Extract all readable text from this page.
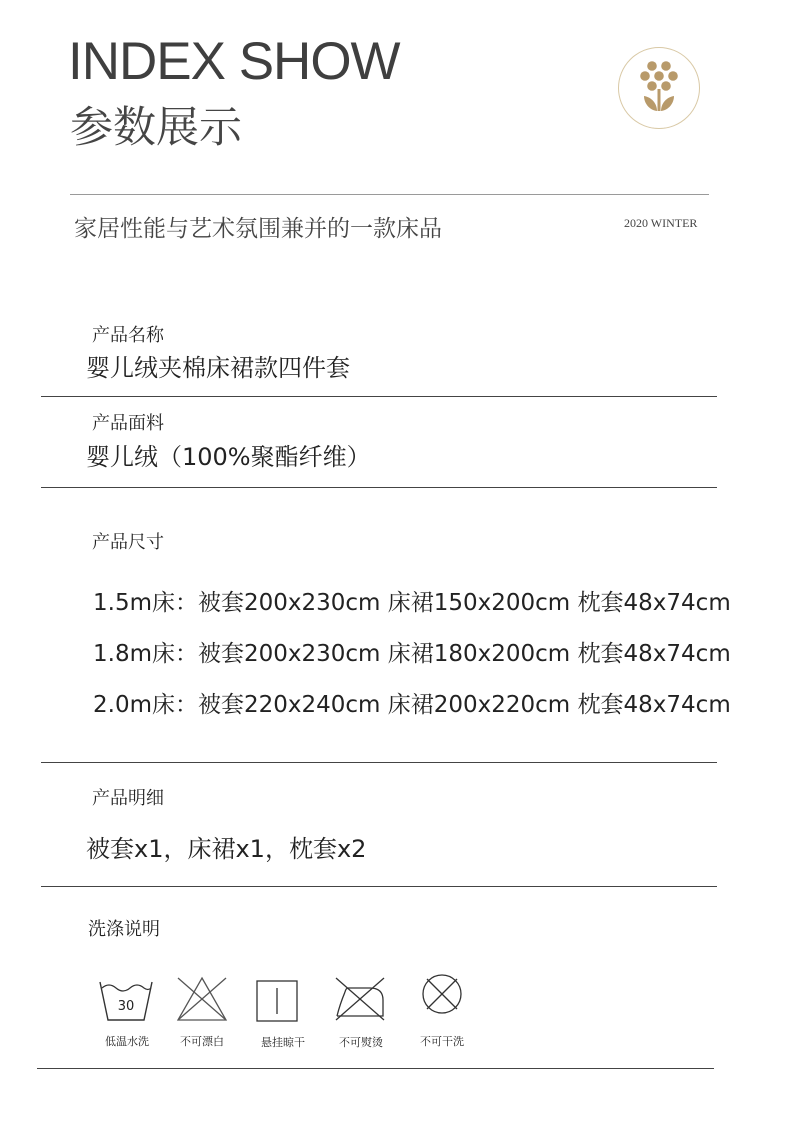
INDEX SHOW
参数展示
家居性能与艺术氛围兼并的一款床品	2020 WINTER
产品名称
婴儿绒夹棉床裙款四件套
产品面料
婴儿绒（100%聚酯纤维）
产品尺寸
1.5m床：被套200x230cm 床裙150x200cm 枕套48x74cm
1.8m床：被套200x230cm 床裙180x200cm 枕套48x74cm
2.0m床：被套220x240cm 床裙200x220cm 枕套48x74cm
产品明细
被套x1，床裙x1，枕套x2
洗涤说明
30
低温水洗	不可漂白	悬挂晾干	不可熨烫	不可干洗
